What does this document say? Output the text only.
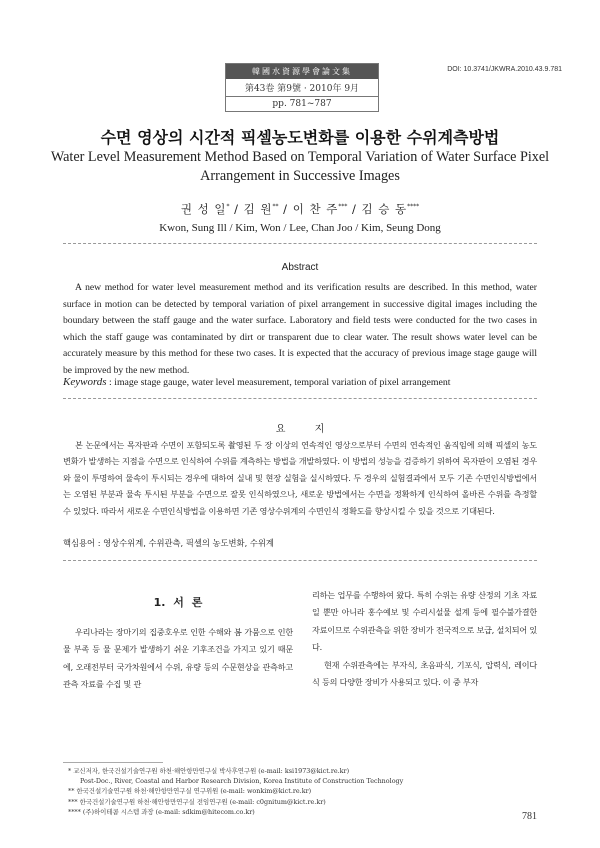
韓國水資源學會論文集
第43卷 第9號 · 2010年 9月
pp. 781~787
DOI: 10.3741/JKWRA.2010.43.9.781
수면 영상의 시간적 픽셀농도변화를 이용한 수위계측방법
Water Level Measurement Method Based on Temporal Variation of Water Surface Pixel Arrangement in Successive Images
권 성 일* / 김 원** / 이 찬 주*** / 김 승 동****
Kwon, Sung Ill / Kim, Won / Lee, Chan Joo / Kim, Seung Dong
Abstract
A new method for water level measurement method and its verification results are described. In this method, water surface in motion can be detected by temporal variation of pixel arrangement in successive digital images including the boundary between the staff gauge and the water surface. Laboratory and field tests were conducted for the two cases in which the staff gauge was contaminated by dirt or transparent due to clear water. The result shows water level can be accurately measure by this method for these two cases. It is expected that the accuracy of previous image stage gauge will be improved by the new method.
Keywords : image stage gauge, water level measurement, temporal variation of pixel arrangement
요 지
본 논문에서는 목자판과 수면이 포함되도록 촬영된 두 장 이상의 연속적인 영상으로부터 수면의 연속적인 움직임에 의해 픽셀의 농도변화가 발생하는 지점을 수면으로 인식하여 수위를 계측하는 방법을 개발하였다. 이 방법의 성능을 검증하기 위하여 목자판이 오염된 경우와 물이 투명하여 물속이 투시되는 경우에 대하여 실내 및 현장 실험을 실시하였다. 두 경우의 실험결과에서 모두 기존 수면인식방법에서는 오염된 부분과 물속 투시된 부분을 수면으로 잘못 인식하였으나, 새로운 방법에서는 수면을 정확하게 인식하여 올바른 수위를 측정할 수 있었다. 따라서 새로운 수면인식방법을 이용하면 기존 영상수위계의 수면인식 정확도를 향상시킬 수 있을 것으로 기대된다.
핵심용어 : 영상수위계, 수위관측, 픽셀의 농도변화, 수위계
1. 서 론
우리나라는 장마기의 집중호우로 인한 수해와 봄 가뭄으로 인한 물 부족 등 물 문제가 발생하기 쉬운 기후조건을 가지고 있기 때문에, 오래전부터 국가차원에서 수위, 유량 등의 수문현상을 관측하고 관측 자료를 수집 및 관

리하는 업무를 수행하여 왔다. 특히 수위는 유량 산정의 기초 자료일 뿐만 아니라 홍수예보 및 수리시설물 설계 등에 필수불가결한 자료이므로 수위관측을 위한 장비가 전국적으로 보급, 설치되어 있다.

현재 수위관측에는 부자식, 초음파식, 기포식, 압력식, 레이다식 등의 다양한 장비가 사용되고 있다. 이 중 부자

* 교신저자, 한국건설기술연구원 하천·해안항만연구실 박사후연구원 (e-mail: ksi1973@kict.re.kr)
Post-Doc., River, Coastal and Harbor Research Division, Korea Institute of Construction Technology
** 한국건설기술연구원 하천·해안항만연구실 연구위원 (e-mail: wonkim@kict.re.kr)
*** 한국건설기술연구원 하천·해안항만연구실 전임연구원 (e-mail: c0gnitum@kict.re.kr)
**** (주)하이테콤 시스템 과장 (e-mail: sdkim@hitecom.co.kr)	781
